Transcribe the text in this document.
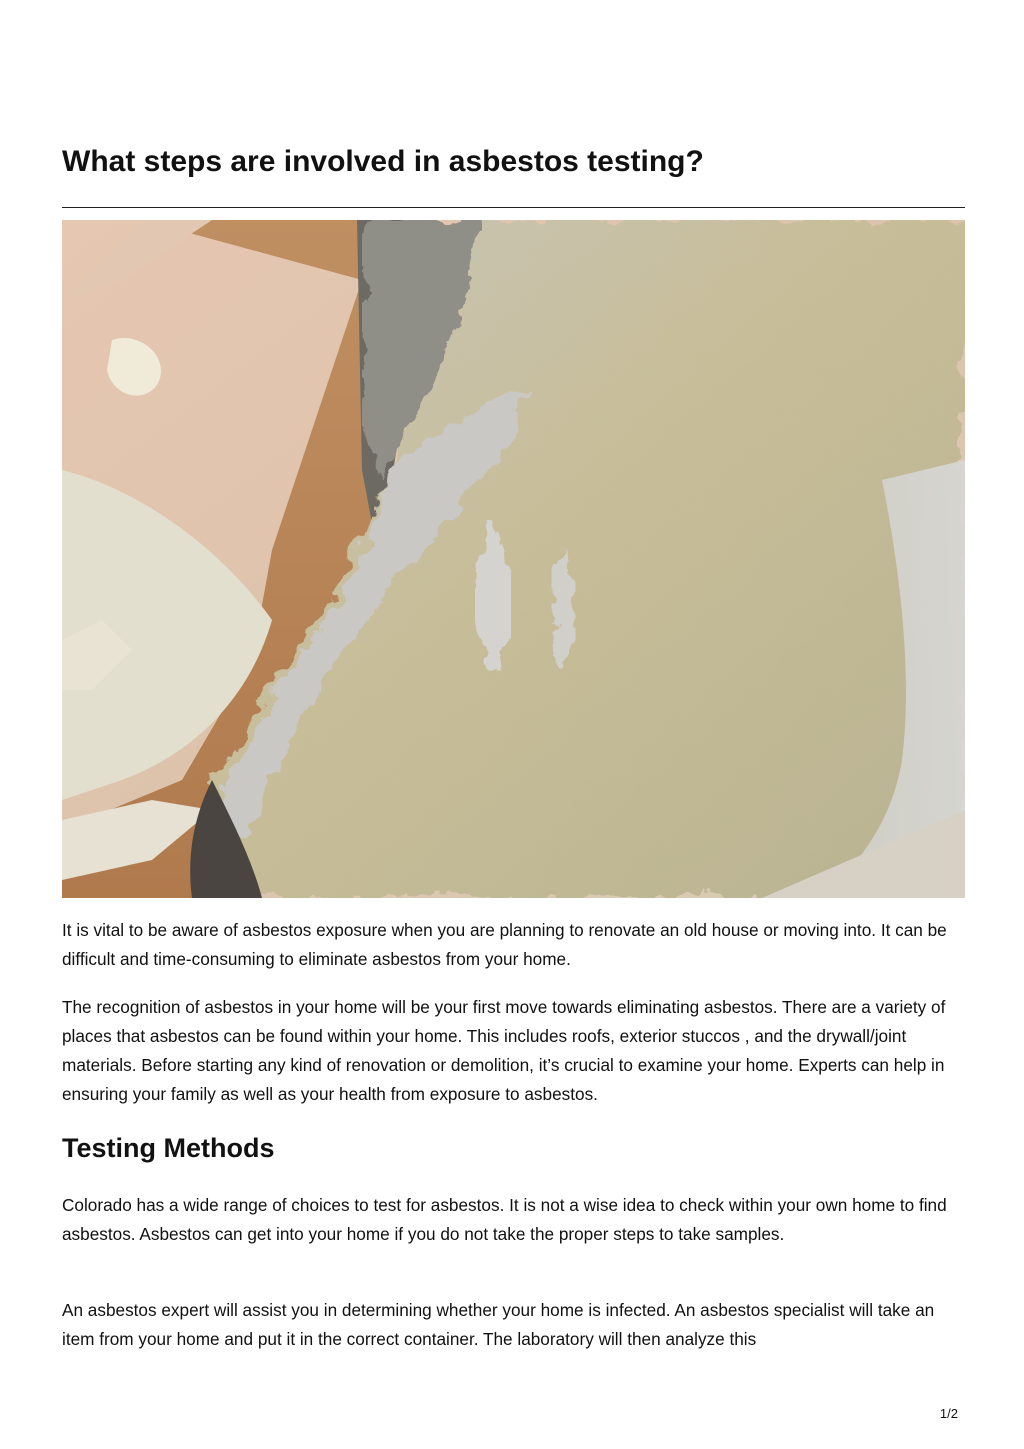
What steps are involved in asbestos testing?

It is vital to be aware of asbestos exposure when you are planning to renovate an old house or moving into. It can be difficult and time-consuming to eliminate asbestos from your home.

The recognition of asbestos in your home will be your first move towards eliminating asbestos. There are a variety of places that asbestos can be found within your home. This includes roofs, exterior stuccos , and the drywall/joint materials. Before starting any kind of renovation or demolition, it’s crucial to examine your home. Experts can help in ensuring your family as well as your health from exposure to asbestos.

Testing Methods

Colorado has a wide range of choices to test for asbestos. It is not a wise idea to check within your own home to find asbestos. Asbestos can get into your home if you do not take the proper steps to take samples.

An asbestos expert will assist you in determining whether your home is infected. An asbestos specialist will take an item from your home and put it in the correct container. The laboratory will then analyze this

1/2
